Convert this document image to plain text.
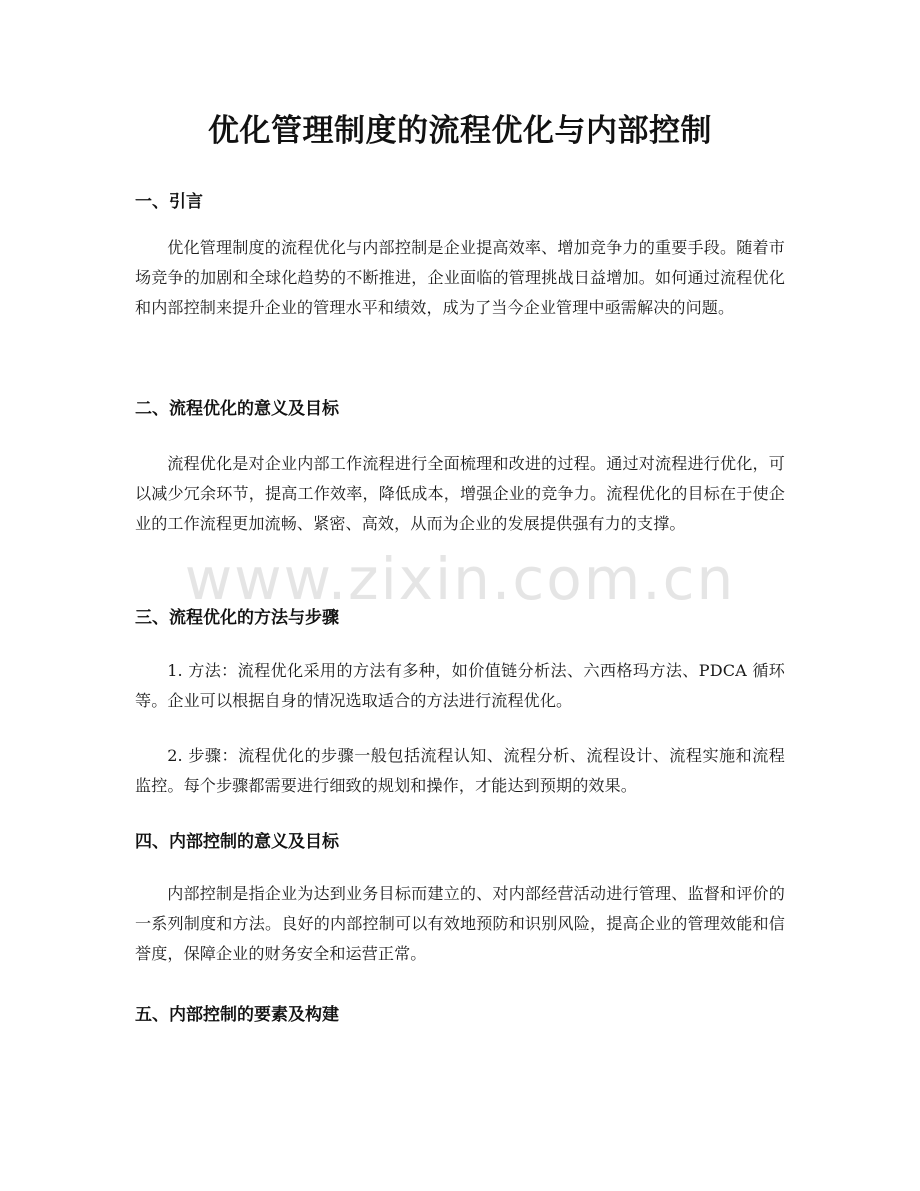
优化管理制度的流程优化与内部控制
一、引言

优化管理制度的流程优化与内部控制是企业提高效率、增加竞争力的重要手段。随着市场竞争的加剧和全球化趋势的不断推进，企业面临的管理挑战日益增加。如何通过流程优化和内部控制来提升企业的管理水平和绩效，成为了当今企业管理中亟需解决的问题。

二、流程优化的意义及目标

流程优化是对企业内部工作流程进行全面梳理和改进的过程。通过对流程进行优化，可以减少冗余环节，提高工作效率，降低成本，增强企业的竞争力。流程优化的目标在于使企业的工作流程更加流畅、紧密、高效，从而为企业的发展提供强有力的支撑。

三、流程优化的方法与步骤

1. 方法：流程优化采用的方法有多种，如价值链分析法、六西格玛方法、PDCA 循环等。企业可以根据自身的情况选取适合的方法进行流程优化。

2. 步骤：流程优化的步骤一般包括流程认知、流程分析、流程设计、流程实施和流程监控。每个步骤都需要进行细致的规划和操作，才能达到预期的效果。

四、内部控制的意义及目标

内部控制是指企业为达到业务目标而建立的、对内部经营活动进行管理、监督和评价的一系列制度和方法。良好的内部控制可以有效地预防和识别风险，提高企业的管理效能和信誉度，保障企业的财务安全和运营正常。

五、内部控制的要素及构建
www.zixin.com.cn
